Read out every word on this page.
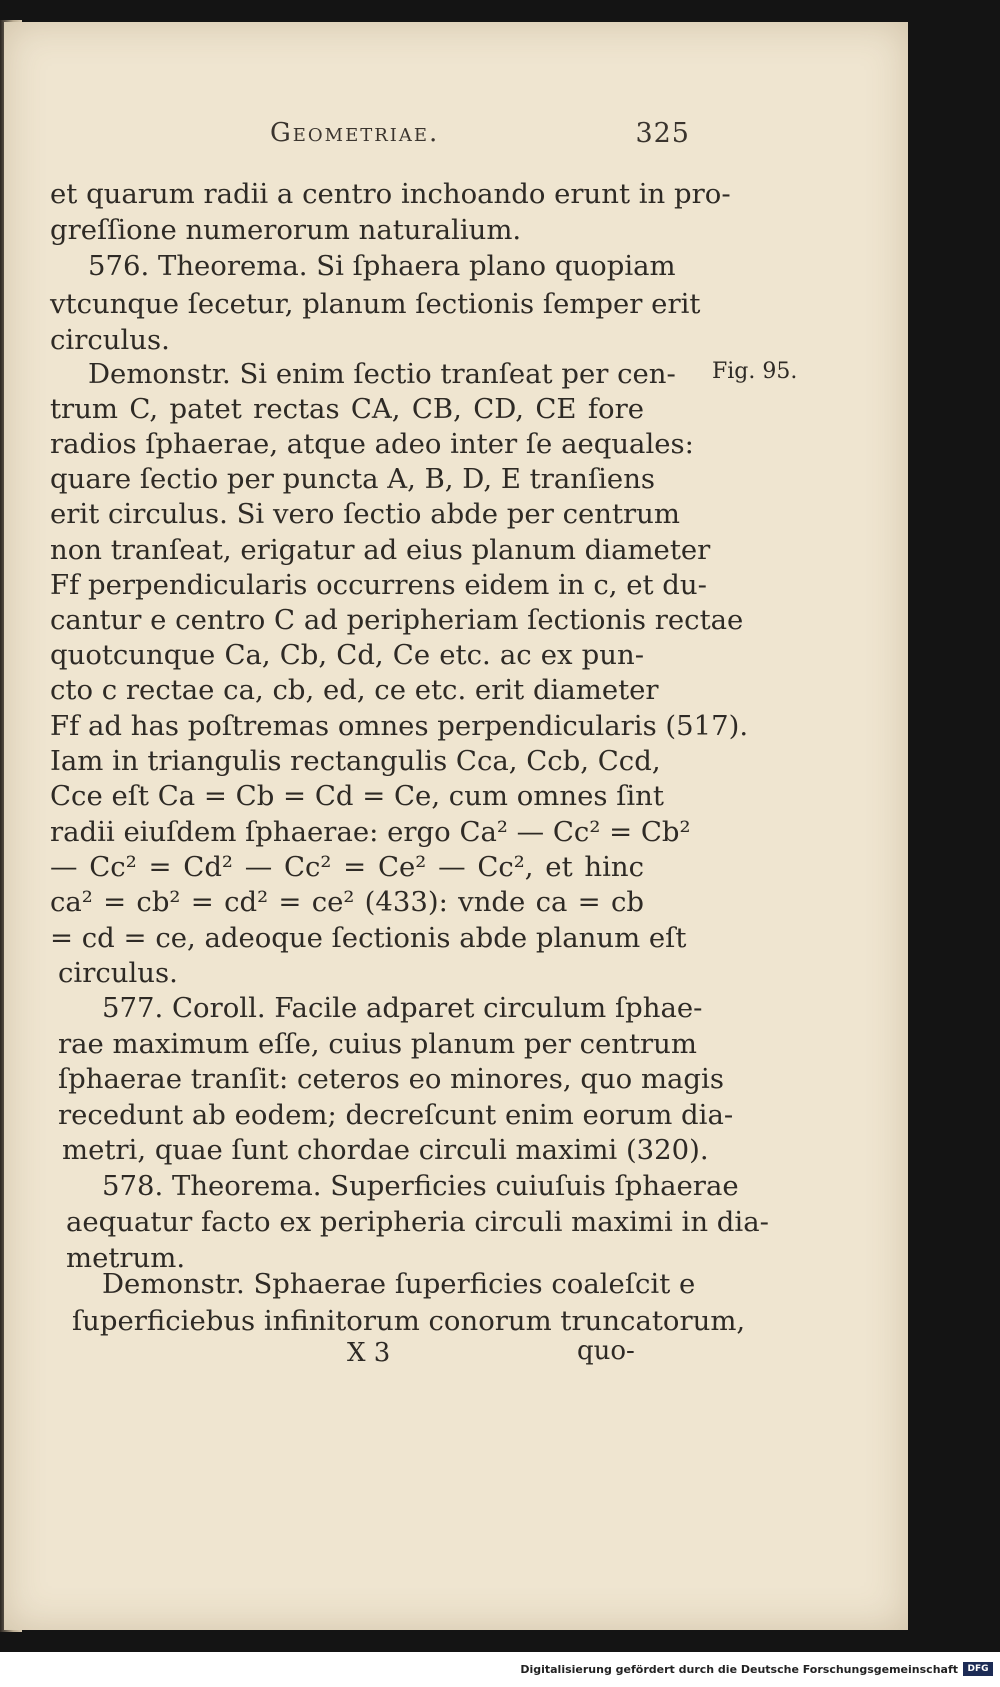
Geometriae.	325
et quarum radii a centro inchoando erunt in pro-
greſſione numerorum naturalium.
576. Theorema. Si ſphaera plano quopiam
vtcunque ſecetur, planum ſectionis ſemper erit
circulus.
Demonstr. Si enim ſectio tranſeat per cen-
trum C, patet rectas CA, CB, CD, CE fore
radios ſphaerae, atque adeo inter ſe aequales:
quare ſectio per puncta A, B, D, E tranſiens
erit circulus. Si vero ſectio abde per centrum
non tranſeat, erigatur ad eius planum diameter
Ff perpendicularis occurrens eidem in c, et du-
cantur e centro C ad peripheriam ſectionis rectae
quotcunque Ca, Cb, Cd, Ce etc. ac ex pun-
cto c rectae ca, cb, ed, ce etc. erit diameter
Ff ad has poſtremas omnes perpendicularis (517).
Iam in triangulis rectangulis Cca, Ccb, Ccd,
Cce eſt Ca = Cb = Cd = Ce, cum omnes ſint
radii eiuſdem ſphaerae: ergo Ca² — Cc² = Cb²
— Cc² = Cd² — Cc² = Ce² — Cc², et hinc
ca² = cb² = cd² = ce² (433): vnde ca = cb
= cd = ce, adeoque ſectionis abde planum eſt
circulus.
577. Coroll. Facile adparet circulum ſphae-
rae maximum eſſe, cuius planum per centrum
ſphaerae tranſit: ceteros eo minores, quo magis
recedunt ab eodem; decreſcunt enim eorum dia-
metri, quae ſunt chordae circuli maximi (320).
578. Theorema. Superficies cuiuſuis ſphaerae
aequatur facto ex peripheria circuli maximi in dia-
metrum.
Demonstr. Sphaerae ſuperficies coaleſcit e
ſuperficiebus infinitorum conorum truncatorum,
Fig. 95.
X 3	quo-
Digitalisierung gefördert durch die Deutsche Forschungsgemeinschaft	DFG
